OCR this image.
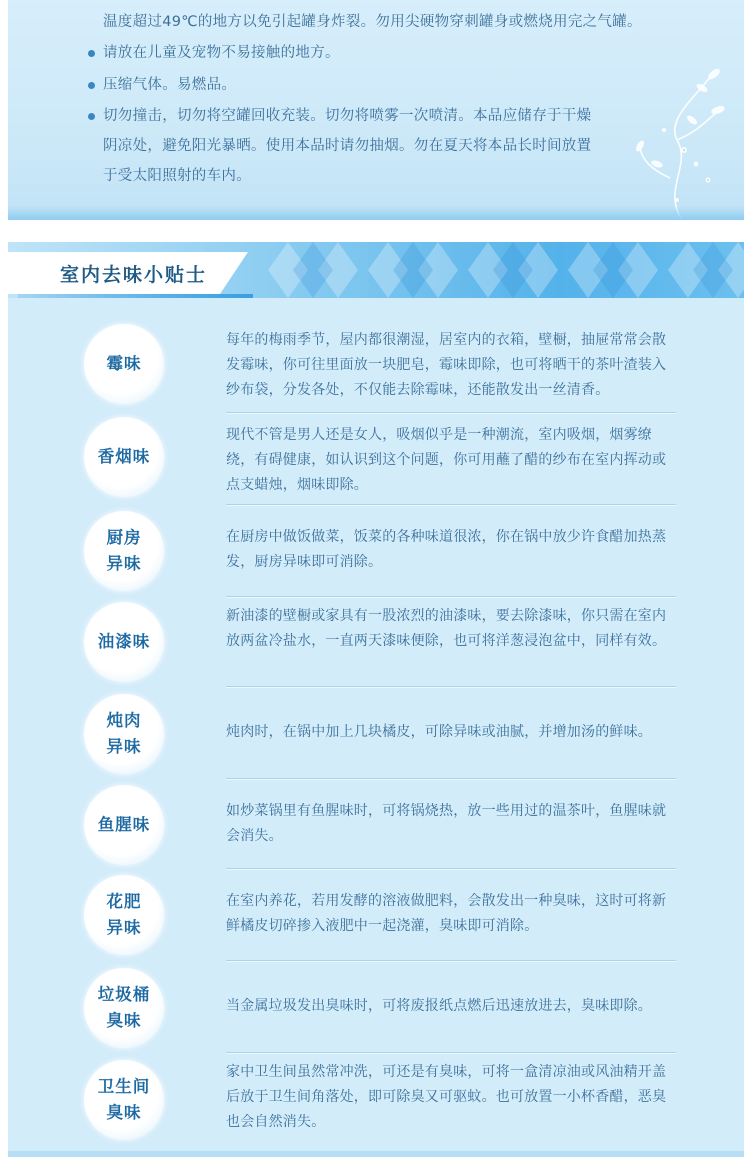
温度超过49℃的地方以免引起罐身炸裂。勿用尖硬物穿刺罐身或燃烧用完之气罐。
请放在儿童及宠物不易接触的地方。
压缩气体。易燃品。
切勿撞击，切勿将空罐回收充装。切勿将喷雾一次喷清。本品应储存于干燥
阴凉处，避免阳光暴晒。使用本品时请勿抽烟。勿在夏天将本品长时间放置
于受太阳照射的车内。
室内去味小贴士
霉味
每年的梅雨季节，屋内都很潮湿，居室内的衣箱，壁橱，抽屉常常会散发霉味，你可往里面放一块肥皂，霉味即除，也可将晒干的茶叶渣装入纱布袋，分发各处，不仅能去除霉味，还能散发出一丝清香。
香烟味
现代不管是男人还是女人，吸烟似乎是一种潮流，室内吸烟，烟雾缭绕，有碍健康，如认识到这个问题，你可用蘸了醋的纱布在室内挥动或点支蜡烛，烟味即除。
厨房
异味
在厨房中做饭做菜，饭菜的各种味道很浓，你在锅中放少许食醋加热蒸发，厨房异味即可消除。
油漆味
新油漆的壁橱或家具有一股浓烈的油漆味，要去除漆味，你只需在室内放两盆冷盐水，一直两天漆味便除，也可将洋葱浸泡盆中，同样有效。
炖肉
异味
炖肉时，在锅中加上几块橘皮，可除异味或油腻，并增加汤的鲜味。
鱼腥味
如炒菜锅里有鱼腥味时，可将锅烧热，放一些用过的温茶叶，鱼腥味就会消失。
花肥
异味
在室内养花，若用发酵的溶液做肥料，会散发出一种臭味，这时可将新鲜橘皮切碎掺入液肥中一起浇灌，臭味即可消除。
垃圾桶
臭味
当金属垃圾发出臭味时，可将废报纸点燃后迅速放进去，臭味即除。
卫生间
臭味
家中卫生间虽然常冲洗，可还是有臭味，可将一盒清凉油或风油精开盖后放于卫生间角落处，即可除臭又可驱蚊。也可放置一小杯香醋，恶臭也会自然消失。
